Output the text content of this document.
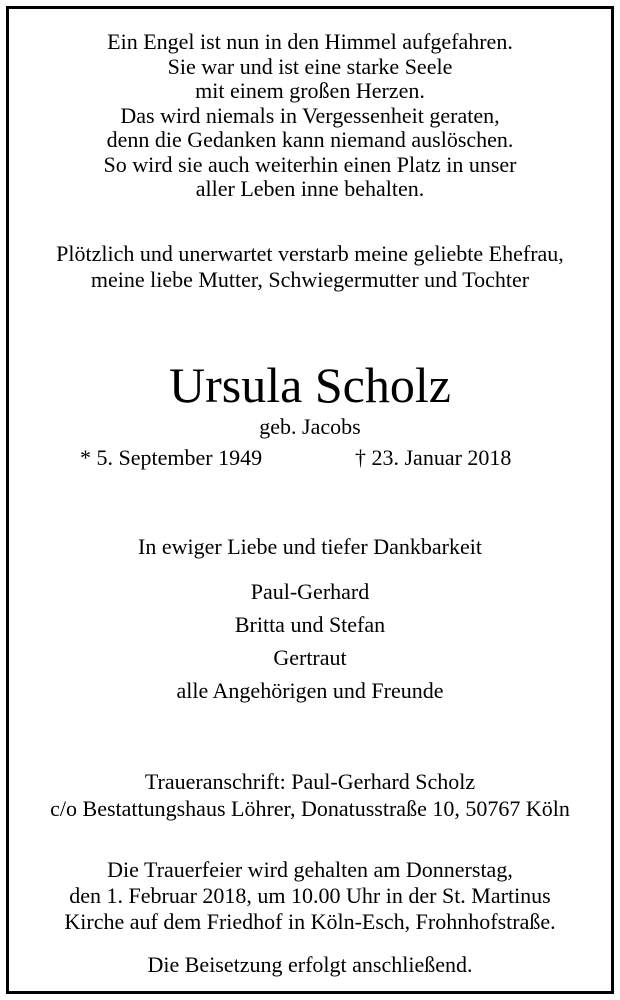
Ein Engel ist nun in den Himmel aufgefahren.
Sie war und ist eine starke Seele
mit einem großen Herzen.
Das wird niemals in Vergessenheit geraten,
denn die Gedanken kann niemand auslöschen.
So wird sie auch weiterhin einen Platz in unser
aller Leben inne behalten.
Plötzlich und unerwartet verstarb meine geliebte Ehefrau,
meine liebe Mutter, Schwiegermutter und Tochter
Ursula Scholz
geb. Jacobs
* 5. September 1949	† 23. Januar 2018
In ewiger Liebe und tiefer Dankbarkeit
Paul-Gerhard
Britta und Stefan
Gertraut
alle Angehörigen und Freunde
Traueranschrift: Paul-Gerhard Scholz
c/o Bestattungshaus Löhrer, Donatusstraße 10, 50767 Köln
Die Trauerfeier wird gehalten am Donnerstag,
den 1. Februar 2018, um 10.00 Uhr in der St. Martinus
Kirche auf dem Friedhof in Köln-Esch, Frohnhofstraße.
Die Beisetzung erfolgt anschließend.
